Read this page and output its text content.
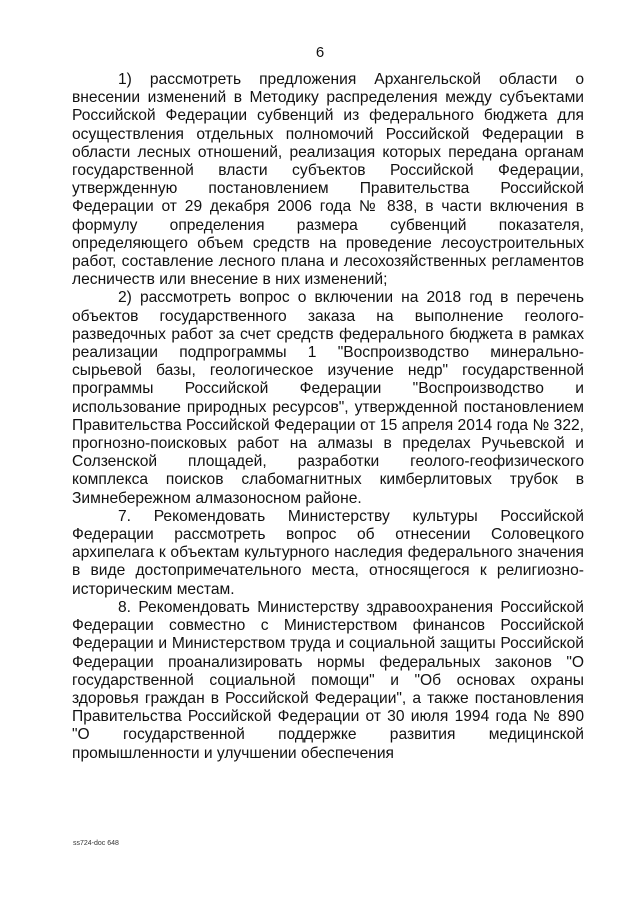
6

1) рассмотреть предложения Архангельской области о внесении изменений в Методику распределения между субъектами Российской Федерации субвенций из федерального бюджета для осуществления отдельных полномочий Российской Федерации в области лесных отношений, реализация которых передана органам государственной власти субъектов Российской Федерации, утвержденную постановлением Правительства Российской Федерации от 29 декабря 2006 года № 838, в части включения в формулу определения размера субвенций показателя, определяющего объем средств на проведение лесоустроительных работ, составление лесного плана и лесохозяйственных регламентов лесничеств или внесение в них изменений;

2) рассмотреть вопрос о включении на 2018 год в перечень объектов государственного заказа на выполнение геолого-разведочных работ за счет средств федерального бюджета в рамках реализации подпрограммы 1 "Воспроизводство минерально-сырьевой базы, геологическое изучение недр" государственной программы Российской Федерации "Воспроизводство и использование природных ресурсов", утвержденной постановлением Правительства Российской Федерации от 15 апреля 2014 года № 322, прогнозно-поисковых работ на алмазы в пределах Ручьевской и Солзенской площадей, разработки геолого-геофизического комплекса поисков слабомагнитных кимберлитовых трубок в Зимнебережном алмазоносном районе.

7. Рекомендовать Министерству культуры Российской Федерации рассмотреть вопрос об отнесении Соловецкого архипелага к объектам культурного наследия федерального значения в виде достопримечательного места, относящегося к религиозно-историческим местам.

8. Рекомендовать Министерству здравоохранения Российской Федерации совместно с Министерством финансов Российской Федерации и Министерством труда и социальной защиты Российской Федерации проанализировать нормы федеральных законов "О государственной социальной помощи" и "Об основах охраны здоровья граждан в Российской Федерации", а также постановления Правительства Российской Федерации от 30 июля 1994 года № 890 "О государственной поддержке развития медицинской промышленности и улучшении обеспечения

ss724-doc 648
